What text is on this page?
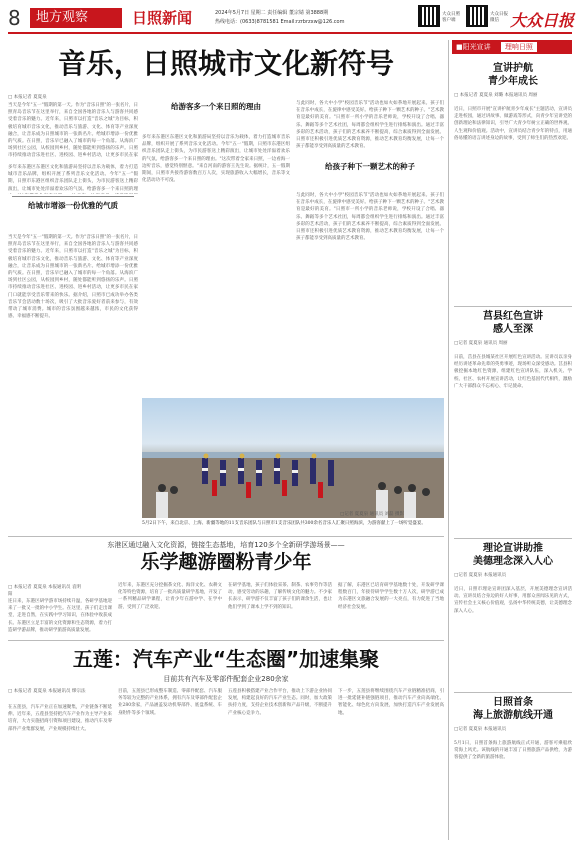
8	地方观察	日照新闻	2024年5月7日 星期二 责任编辑 董宗婧 第3888期
热线电话：(0633)8781581 Email:rzrbrzxw@126.com
大众日照客户端
大众日报微信 大众日报
音乐，日照城市文化新符号
□ 本报记者 夏夏泉
■阳光宣讲 理响日照
当天是今年"五一"假期的第一天。作为"音乐日照"的一张名片，日照青岛音乐节在这里举行，来自全国各地的音乐人与游客共同感受着音乐的魅力。近年来，日照市以打造"音乐之城"为目标，积极培育城市音乐文化，推动音乐与旅游、文化、体育等产业深度融合，让音乐成为日照城市的一张新名片。给城市增添一份优雅的气质。在日照，音乐早已融入了城市的每一个角落。从海滨广场到社区公园，从校园到乡村，随处都能听到悠扬的乐声。日照市持续推动音乐进社区、进校园、进乡村活动，让更多市民在家
给城市增添一份优雅的气质
多年来东港区东港区文化和旅游局坚持以音乐为载体，着力打造城市音乐品牌，组织开展了系列音乐文化活动。今年"五一"假期，日照市东港区组织音乐团队走上街头，为市民游客送上精彩演出，让城市处处洋溢着欢乐的气氛。给游客多一个来日照的理
当天是今年"五一"假期的第一天。作为"音乐日照"的一张名片，日照青岛音乐节在这里举行，来自全国各地的音乐人与游客共同感受着音乐的魅力。近年来，日照市以打造"音乐之城"为目标，积极培育城市音乐文化，推动音乐与旅游、文化、体育等产业深度融合，让音乐成为日照城市的一张新名片。给城市增添一份优雅的气质。在日照，音乐早已融入了城市的每一个角落。从海滨广场到社区公园，从校园到乡村，随处都能听到悠扬的乐声。日照市持续推动音乐进社区、进校园、进乡村活动，让更多市民在家门口就能享受音乐带来的快乐。据介绍，日照市已成功举办各类音乐节会活动数十场次，吸引了大批音乐爱好者前来参与，有效带动了城市消费。城市的音乐氛围越来越浓，市民的文化获得感、幸福感不断提升。
给游客多一个来日照的理由
多年来东港区东港区文化和旅游局坚持以音乐为载体，着力打造城市音乐品牌，组织开展了系列音乐文化活动。今年"五一"假期，日照市东港区组织音乐团队走上街头，为市民游客送上精彩演出，让城市处处洋溢着欢乐的气氛。给游客多一个来日照的理由。"这次带着全家来日照，一边看海一边听音乐，感觉特别惬意。"来自河南的游客王先生说。据统计，五一假期期间，日照市共接待游客数百万人次，实现旅游收入大幅增长，音乐等文化活动功不可没。
与此同时，各大中小学"校园音乐节"活动也如火如荼地开展起来。孩子们在音乐中成长，在旋律中感受美好。给孩子种下一颗艺术的种子。"艺术教育是最好的美育。"日照市一所小学的音乐老师说，学校开设了合唱、器乐、舞蹈等多个艺术社团，每周都会组织学生进行排练和演出。通过丰富多彩的艺术活动，孩子们的艺术素养不断提高，综合素质得到全面发展。日照市还积极引进优质艺术教育资源，推动艺术教育均衡发展，让每一个孩子都能享受到高质量的艺术教育。
给孩子种下一颗艺术的种子
与此同时，各大中小学"校园音乐节"活动也如火如荼地开展起来。孩子们在音乐中成长，在旋律中感受美好。给孩子种下一颗艺术的种子。"艺术教育是最好的美育。"日照市一所小学的音乐老师说，学校开设了合唱、器乐、舞蹈等多个艺术社团，每周都会组织学生进行排练和演出。通过丰富多彩的艺术活动，孩子们的艺术素养不断提高，综合素质得到全面发展。日照市还积极引进优质艺术教育资源，推动艺术教育均衡发展，让每一个孩子都能享受到高质量的艺术教育。
5月2日下午，来自北京、上海、新疆等地的11支音乐团队与日照市1支音乐团队共300余名音乐人汇聚日照海滨，为游客献上了一场听觉盛宴。
□记者 夏夏泉 通讯员 刘磊 摄影
东港区通过融入文化资源，链接生态基地，培育120多个全新研学游场景——
乐学趣游圈粉青少年
□ 本报记者 夏夏泉 本报通讯员 袁明阳
连日来，东港区研学游市场持续升温，各研学基地迎来了一批又一批的中小学生。在这里，孩子们走出课堂，走进自然，在实践中学习知识，在体验中收获成长。东港区立足丰富的文化资源和生态资源，着力打造研学游品牌，推动研学旅游高质量发展。
近年来，东港区充分挖掘茶文化、海洋文化、农耕文化等特色资源，培育了一批高质量研学基地，开发了一系列精品研学课程，让青少年在游中学、在学中游，受到了广泛欢迎。
在研学基地，孩子们体验采茶、制茶、农事劳作等活动，感受劳动的乐趣，了解传统文化的魅力。不少家长表示，研学游不仅丰富了孩子们的课余生活，也让他们学到了课本上学不到的知识。
据了解，东港区已培育研学基地数十处，开发研学课程数百门，年接待研学学生数十万人次，研学游已成为东港区文旅融合发展的一大亮点，有力促进了当地经济社会发展。
五莲：汽车产业“生态圈”加速集聚
目前共有汽车及零部件配套企业280余家
□ 本报记者 夏夏泉 本报通讯员 缪宗法
在五莲县，汽车产业正在加速聚集，产业链条不断延伸。近年来，五莲县坚持把汽车产业作为主导产业来培育，大力实施招商引资和项目建设，推动汽车及零部件产业集群发展，产业规模持续壮大。
目前，五莲县已形成整车制造、零部件配套、汽车服务等较为完整的产业体系，拥有汽车及零部件配套企业280余家，产品涵盖发动机零部件、底盘系统、车身附件等多个领域。
五莲县积极搭建产业合作平台，推动上下游企业协同发展，构建起良好的汽车产业生态。同时，加大政策扶持力度，支持企业技术创新和产品升级，不断提升产业核心竞争力。
下一步，五莲县将继续围绕汽车产业链精准招商，引进一批延链补链强链项目，推动汽车产业向高端化、智能化、绿色化方向发展，加快打造汽车产业发展高地。
宣讲护航
青少年成长
□ 本报记者 夏夏泉 刘璐 本报通讯员 周丽
近日，日照市开展"宣讲护航青少年成长"主题活动，宣讲员走进校园，通过讲故事、做游戏等形式，向青少年宣讲党的创新理论和法律知识，引导广大青少年树立正确的世界观、人生观和价值观。活动中，宣讲员结合青少年的特点，用通俗易懂的语言讲述身边的故事，受到了师生们的热烈欢迎。
莒县红色宣讲
感人至深
□记者 夏夏泉 通讯员 周丽
日前，莒县在县城某社区开展红色宣讲活动。宣讲员以亲身经历讲述革命先辈的英勇事迹，现场听众深受感动。莒县积极挖掘本地红色资源，组建红色宣讲队伍，深入机关、学校、社区、农村开展宣讲活动，让红色基因代代相传，激励广大干部群众不忘初心、牢记使命。
理论宣讲助推
美德理念深入人心
□记者 夏夏泉 本报通讯员
近日，日照市理论宣讲团深入基层，开展美德理念宣讲活动。宣讲员结合身边的好人好事，用群众喜闻乐见的方式，宣传社会主义核心价值观，弘扬中华传统美德，让美德理念深入人心。
日照首条
海上旅游航线开通
□记者 夏夏泉 本报通讯员
5月1日，日照首条海上旅游航线正式开通，游客可乘船欣赏海上风光。该航线的开通丰富了日照旅游产品供给，为游客提供了全新的旅游体验。
